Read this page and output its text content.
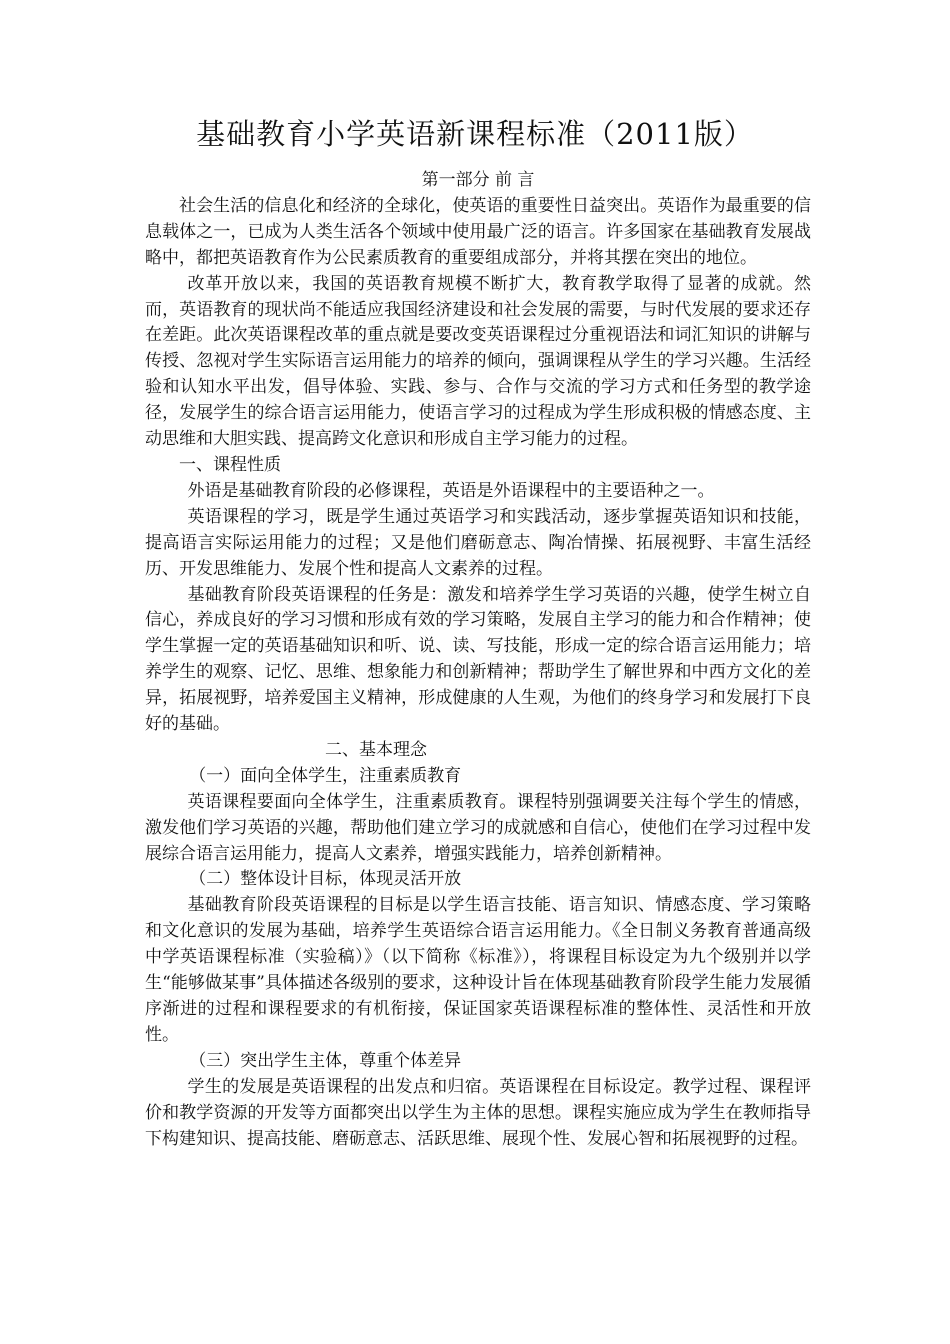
基础教育小学英语新课程标准（2011版）

第一部分 前 言

社会生活的信息化和经济的全球化，使英语的重要性日益突出。英语作为最重要的信息载体之一，已成为人类生活各个领域中使用最广泛的语言。许多国家在基础教育发展战略中，都把英语教育作为公民素质教育的重要组成部分，并将其摆在突出的地位。

改革开放以来，我国的英语教育规模不断扩大，教育教学取得了显著的成就。然而，英语教育的现状尚不能适应我国经济建设和社会发展的需要，与时代发展的要求还存在差距。此次英语课程改革的重点就是要改变英语课程过分重视语法和词汇知识的讲解与传授、忽视对学生实际语言运用能力的培养的倾向，强调课程从学生的学习兴趣。生活经验和认知水平出发，倡导体验、实践、参与、合作与交流的学习方式和任务型的教学途径，发展学生的综合语言运用能力，使语言学习的过程成为学生形成积极的情感态度、主动思维和大胆实践、提高跨文化意识和形成自主学习能力的过程。

一、课程性质

外语是基础教育阶段的必修课程，英语是外语课程中的主要语种之一。

英语课程的学习，既是学生通过英语学习和实践活动，逐步掌握英语知识和技能，提高语言实际运用能力的过程；又是他们磨砺意志、陶冶情操、拓展视野、丰富生活经历、开发思维能力、发展个性和提高人文素养的过程。

基础教育阶段英语课程的任务是：激发和培养学生学习英语的兴趣，使学生树立自信心，养成良好的学习习惯和形成有效的学习策略，发展自主学习的能力和合作精神；使学生掌握一定的英语基础知识和听、说、读、写技能，形成一定的综合语言运用能力；培养学生的观察、记忆、思维、想象能力和创新精神；帮助学生了解世界和中西方文化的差异，拓展视野，培养爱国主义精神，形成健康的人生观，为他们的终身学习和发展打下良好的基础。

二、基本理念

（一）面向全体学生，注重素质教育

英语课程要面向全体学生，注重素质教育。课程特别强调要关注每个学生的情感，激发他们学习英语的兴趣，帮助他们建立学习的成就感和自信心，使他们在学习过程中发展综合语言运用能力，提高人文素养，增强实践能力，培养创新精神。

（二）整体设计目标，体现灵活开放

基础教育阶段英语课程的目标是以学生语言技能、语言知识、情感态度、学习策略和文化意识的发展为基础，培养学生英语综合语言运用能力。《全日制义务教育普通高级中学英语课程标准（实验稿）》（以下简称《标准》），将课程目标设定为九个级别并以学生“能够做某事”具体描述各级别的要求，这种设计旨在体现基础教育阶段学生能力发展循序渐进的过程和课程要求的有机衔接，保证国家英语课程标准的整体性、灵活性和开放性。

（三）突出学生主体，尊重个体差异

学生的发展是英语课程的出发点和归宿。英语课程在目标设定。教学过程、课程评价和教学资源的开发等方面都突出以学生为主体的思想。课程实施应成为学生在教师指导下构建知识、提高技能、磨砺意志、活跃思维、展现个性、发展心智和拓展视野的过程。
